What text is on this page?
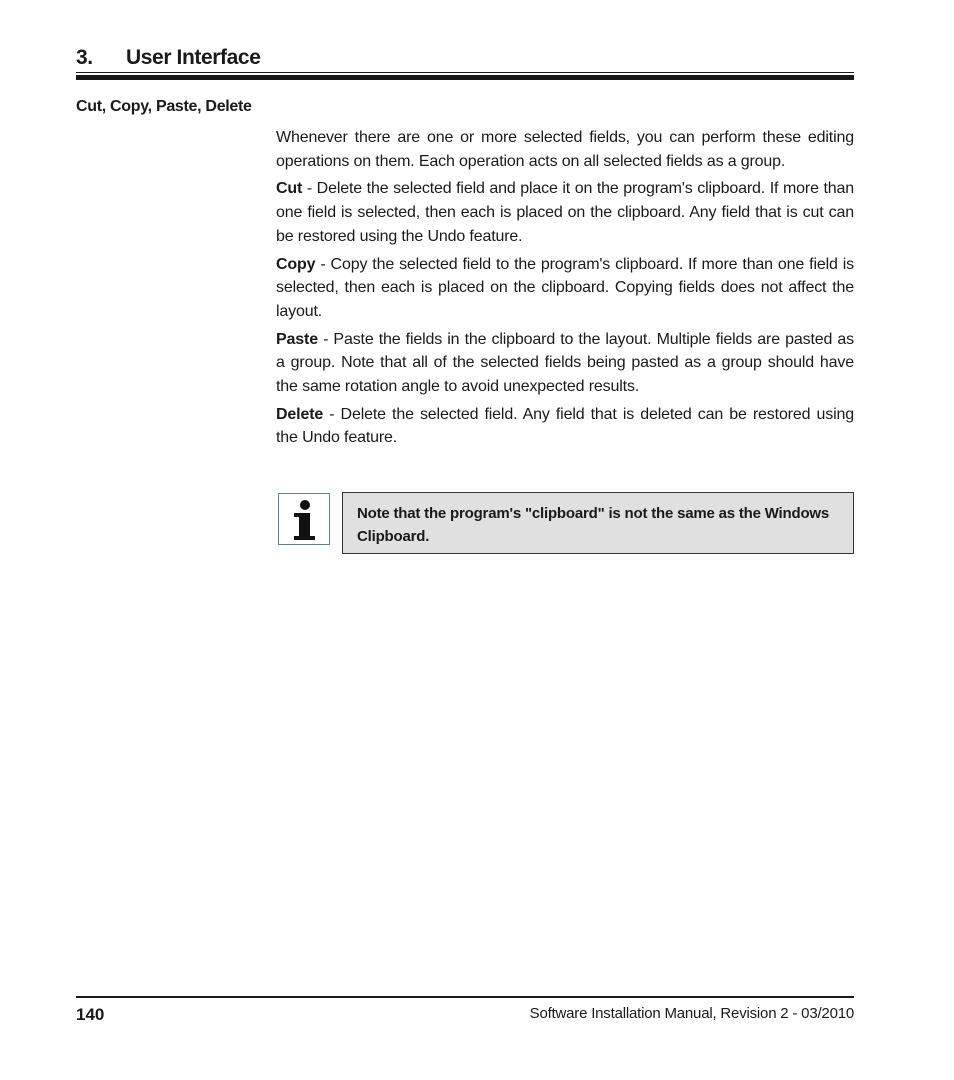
3. User Interface
Cut, Copy, Paste, Delete

Whenever there are one or more selected fields, you can perform these editing operations on them. Each operation acts on all selected fields as a group.

Cut - Delete the selected field and place it on the program's clipboard. If more than one field is selected, then each is placed on the clipboard. Any field that is cut can be restored using the Undo feature.

Copy - Copy the selected field to the program's clipboard. If more than one field is selected, then each is placed on the clipboard. Copying fields does not affect the layout.

Paste - Paste the fields in the clipboard to the layout. Multiple fields are pasted as a group. Note that all of the selected fields being pasted as a group should have the same rotation angle to avoid unexpected results.

Delete - Delete the selected field. Any field that is deleted can be restored using the Undo feature.

Note that the program's "clipboard" is not the same as the Windows Clipboard.
140	Software Installation Manual, Revision 2 - 03/2010
